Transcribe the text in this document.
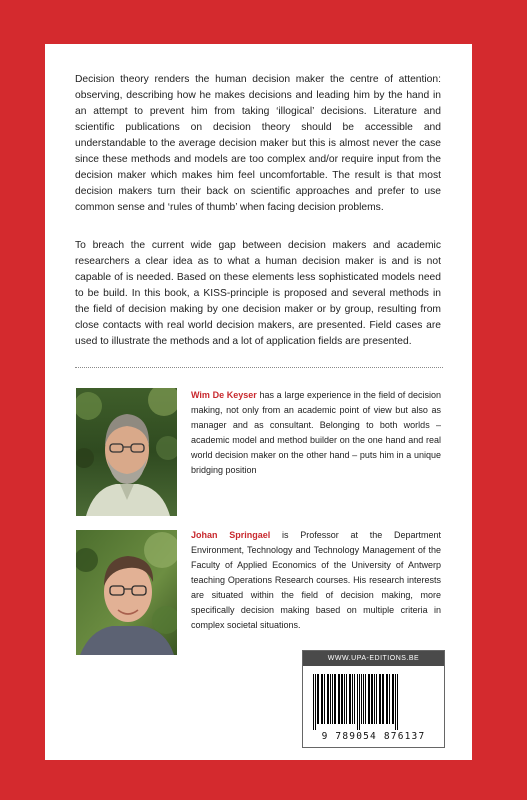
Decision theory renders the human decision maker the centre of attention: observing, describing how he makes decisions and leading him by the hand in an attempt to prevent him from taking ‘illogical’ decisions. Literature and scientific publications on decision theory should be accessible and understandable to the average decision maker but this is almost never the case since these methods and models are too complex and/or require input from the decision maker which makes him feel uncomfortable. The result is that most decision makers turn their back on scientific approaches and prefer to use common sense and ‘rules of thumb’ when facing decision problems.

To breach the current wide gap between decision makers and academic researchers a clear idea as to what a human decision maker is and is not capable of is needed. Based on these elements less sophisticated models need to be build. In this book, a KISS-principle is proposed and several methods in the field of decision making by one decision maker or by group, resulting from close contacts with real world decision makers, are presented. Field cases are used to illustrate the methods and a lot of application fields are presented.

Wim De Keyser has a large experience in the field of decision making, not only from an academic point of view but also as manager and as consultant. Belonging to both worlds – academic model and method builder on the one hand and real world decision maker on the other hand – puts him in a unique bridging position

Johan Springael is Professor at the Department Environment, Technology and Technology Management of the Faculty of Applied Economics of the University of Antwerp teaching Operations Research courses. His research interests are situated within the field of decision making, more specifically decision making based on multiple criteria in complex societal situations.

WWW.UPA-EDITIONS.BE
9 789054 876137
